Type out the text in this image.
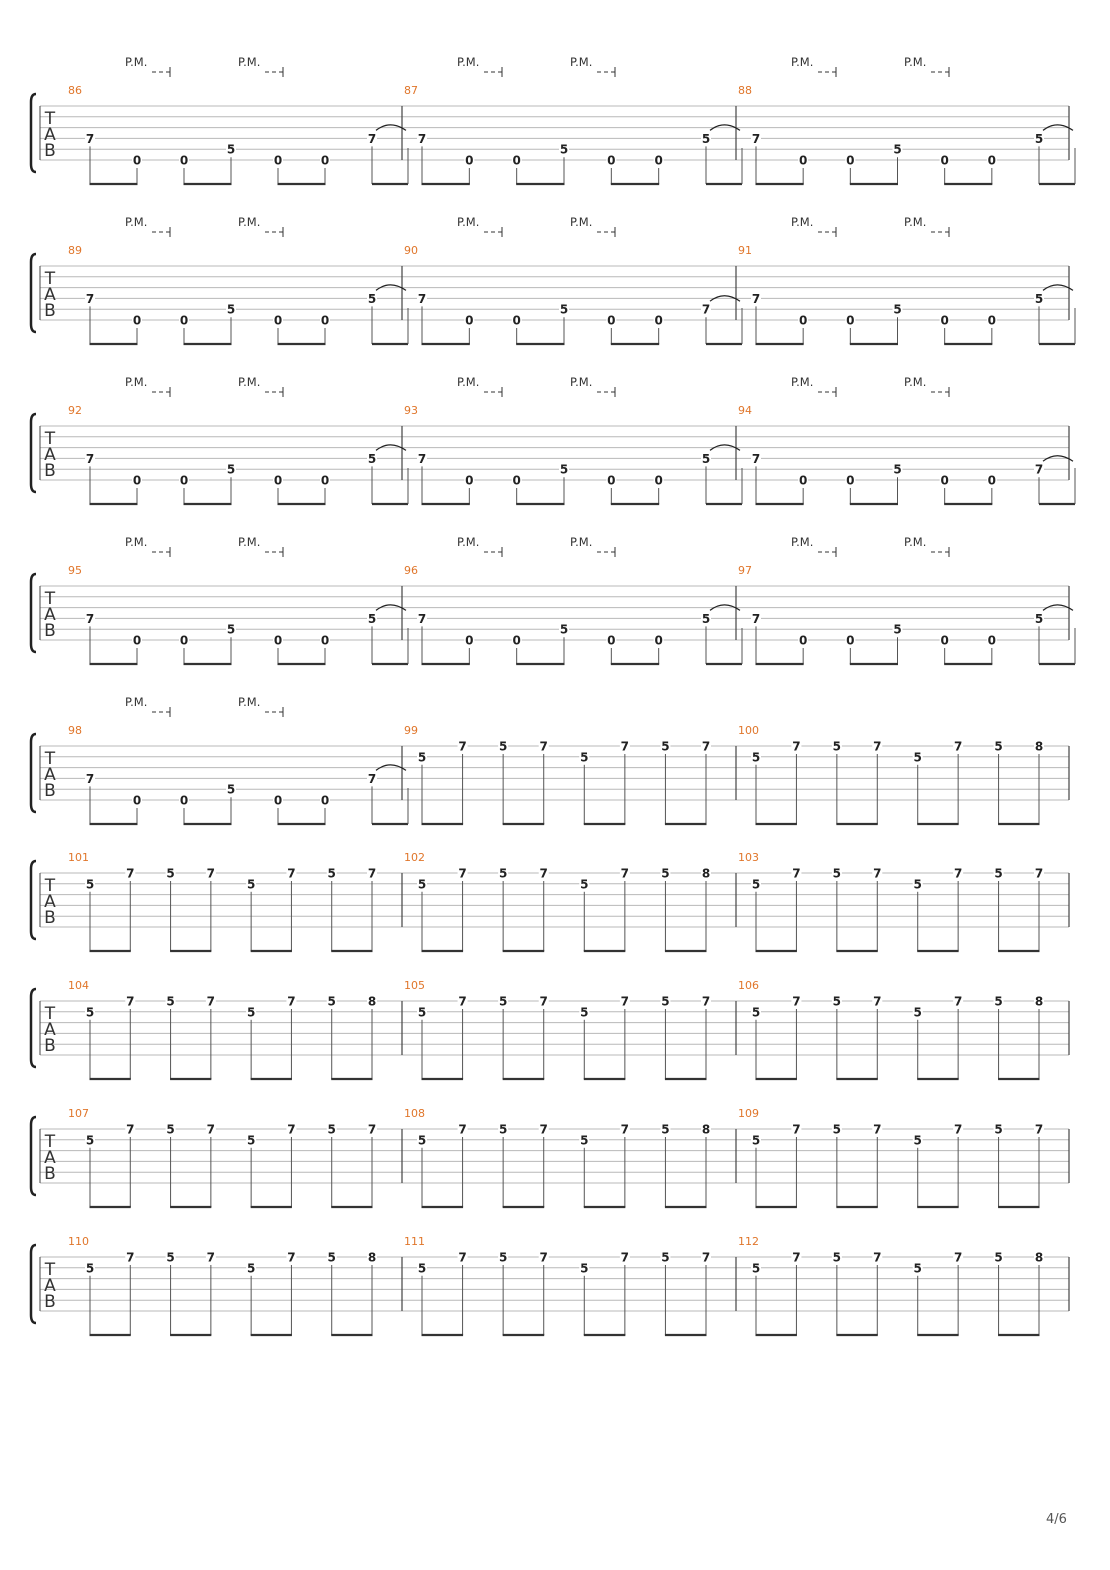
T
A
B
86
7
0	0
5
0	0
7
P.M.	P.M.
87
7
0	0
5
0	0
5
P.M.	P.M.
88
7
0	0
5
0	0
5
P.M.	P.M.
T
A
B
89
7
0	0
5
0	0
5
P.M.	P.M.
90
7
0	0
5
0	0
7
P.M.	P.M.
91
7
0	0
5
0	0
5
P.M.	P.M.
T
A
B
92
7
0	0
5
0	0
5
P.M.	P.M.
93
7
0	0
5
0	0
5
P.M.	P.M.
94
7
0	0
5
0	0
7
P.M.	P.M.
T
A
B
95
7
0	0
5
0	0
5
P.M.	P.M.
96
7
0	0
5
0	0
5
P.M.	P.M.
97
7
0	0
5
0	0
5
P.M.	P.M.
T
A
B
98
7
0	0
5
0	0
7
P.M.	P.M.
99
5
7	5	7
5
7	5	7
100
5
7	5	7
5
7	5	8
T
A
B
101
5
7	5	7
5
7	5	7
102
5
7	5	7
5
7	5	8
103
5
7	5	7
5
7	5	7
T
A
B
104
5
7	5	7
5
7	5	8
105
5
7	5	7
5
7	5	7
106
5
7	5	7
5
7	5	8
T
A
B
107
5
7	5	7
5
7	5	7
108
5
7	5	7
5
7	5	8
109
5
7	5	7
5
7	5	7
T
A
B
110
5
7	5	7
5
7	5	8
111
5
7	5	7
5
7	5	7
112
5
7	5	7
5
7	5	8
4/6
